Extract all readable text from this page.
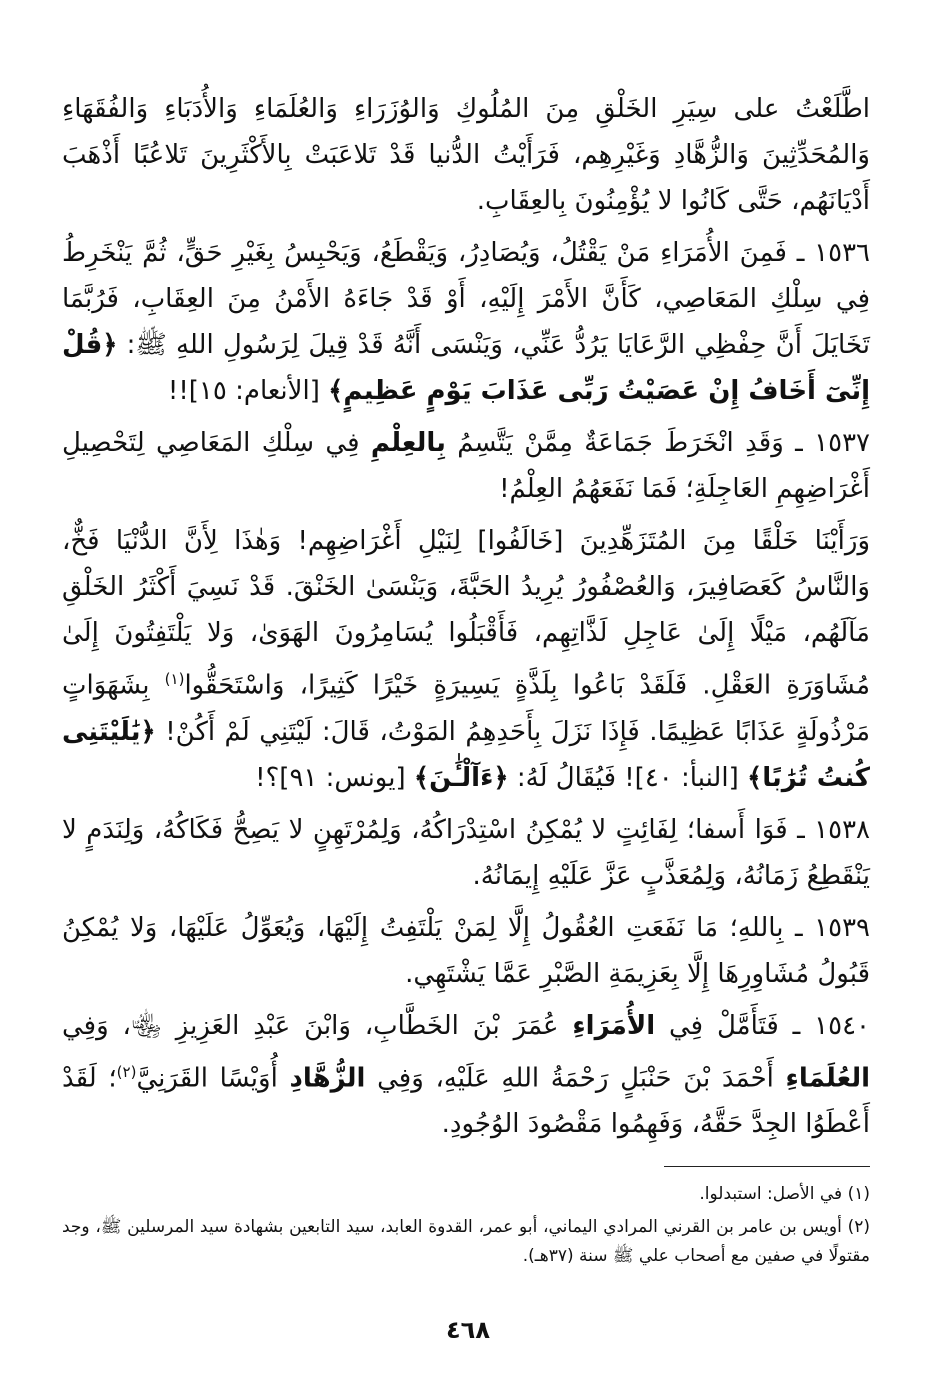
اطَّلَعْتُ على سِيَرِ الخَلْقِ مِنَ المُلُوكِ وَالوُزَرَاءِ وَالعُلَمَاءِ وَالأُدَبَاءِ وَالفُقَهَاءِ وَالمُحَدِّثِينَ وَالزُّهَّادِ وَغَيْرِهِم، فَرَأَيْتُ الدُّنيا قَدْ تَلاعَبَتْ بِالأَكْثَرِينَ تَلاعُبًا أَذْهَبَ أَدْيَانَهُم، حَتَّى كَانُوا لا يُؤْمِنُونَ بِالعِقَابِ.

١٥٣٦ ـ فَمِنَ الأُمَرَاءِ مَنْ يَقْتُلُ، وَيُصَادِرُ، وَيَقْطَعُ، وَيَحْبِسُ بِغَيْرِ حَقٍّ، ثُمَّ يَنْخَرِطُ فِي سِلْكِ المَعَاصِي، كَأَنَّ الأَمْرَ إِلَيْهِ، أَوْ قَدْ جَاءَهُ الأَمْنُ مِنَ العِقَابِ، فَرُبَّمَا تَخَايَلَ أَنَّ حِفْظِي الرَّعَايَا يَرُدُّ عَنِّي، وَيَنْسَى أَنَّهُ قَدْ قِيلَ لِرَسُولِ اللهِ ﷺ: ﴿قُلْ إِنِّىٓ أَخَافُ إِنْ عَصَيْتُ رَبِّى عَذَابَ يَوْمٍ عَظِيمٍ﴾ [الأنعام: ١٥]!!

١٥٣٧ ـ وَقَدِ انْخَرَطَ جَمَاعَةٌ مِمَّنْ يَتَّسِمُ بِالعِلْمِ فِي سِلْكِ المَعَاصِي لِتَحْصِيلِ أَغْرَاضِهِمِ العَاجِلَةِ؛ فَمَا نَفَعَهُمُ العِلْمُ!

وَرَأَيْنَا خَلْقًا مِنَ المُتَزَهِّدِينَ [خَالَفُوا] لِنَيْلِ أَغْرَاضِهِم! وَهٰذَا لِأَنَّ الدُّنْيَا فَخٌّ، وَالنَّاسُ كَعَصَافِيرَ، وَالعُصْفُورُ يُرِيدُ الحَبَّةَ، وَيَنْسَىٰ الخَنْقَ. قَدْ نَسِيَ أَكْثَرُ الخَلْقِ مَآلَهُم، مَيْلًا إِلَىٰ عَاجِلِ لَذَّاتِهِم، فَأَقْبَلُوا يُسَامِرُونَ الهَوَىٰ، وَلا يَلْتَفِتُونَ إِلَىٰ مُشَاوَرَةِ العَقْلِ. فَلَقَدْ بَاعُوا بِلَذَّةٍ يَسِيرَةٍ خَيْرًا كَثِيرًا، وَاسْتَحَقُّوا$^{(١)}$ بِشَهَوَاتٍ مَرْذُولَةٍ عَذَابًا عَظِيمًا. فَإِذَا نَزَلَ بِأَحَدِهِمُ المَوْتُ، قَالَ: لَيْتَنِي لَمْ أَكُنْ! ﴿يَٰلَيْتَنِى كُنتُ تُرَٰبًا﴾ [النبأ: ٤٠]! فَيُقَالُ لَهُ: ﴿ءَآلْـَٰٔنَ﴾ [يونس: ٩١]؟!

١٥٣٨ ـ فَوَا أَسفا؛ لِفَائِتٍ لا يُمْكِنُ اسْتِدْرَاكُهُ، وَلِمُرْتَهِنٍ لا يَصِحُّ فَكَاكُهُ، وَلِنَدَمٍ لا يَنْقَطِعُ زَمَانُهُ، وَلِمُعَذَّبٍ عَزَّ عَلَيْهِ إِيمَانُهُ.

١٥٣٩ ـ بِاللهِ؛ مَا نَفَعَتِ العُقُولُ إِلَّا لِمَنْ يَلْتَفِتُ إِلَيْهَا، وَيُعَوِّلُ عَلَيْهَا، وَلا يُمْكِنُ قَبُولُ مُشَاوِرِهَا إِلَّا بِعَزِيمَةِ الصَّبْرِ عَمَّا يَشْتَهِي.

١٥٤٠ ـ فَتَأَمَّلْ فِي الأُمَرَاءِ عُمَرَ بْنَ الخَطَّابِ، وَابْنَ عَبْدِ العَزِيزِ ﵄، وَفِي العُلَمَاءِ أَحْمَدَ بْنَ حَنْبَلٍ رَحْمَةُ اللهِ عَلَيْهِ، وَفِي الزُّهَّادِ أُوَيْسًا القَرَنِيَّ$^{(٢)}$؛ لَقَدْ أَعْطَوُا الجِدَّ حَقَّهُ، وَفَهِمُوا مَقْصُودَ الوُجُودِ.

(١) في الأصل: استبدلوا.

(٢) أويس بن عامر بن القرني المرادي اليماني، أبو عمر، القدوة العابد، سيد التابعين بشهادة سيد المرسلين ﷺ، وجد مقتولًا في صفين مع أصحاب علي ﷺ سنة (٣٧هـ).

٤٦٨
